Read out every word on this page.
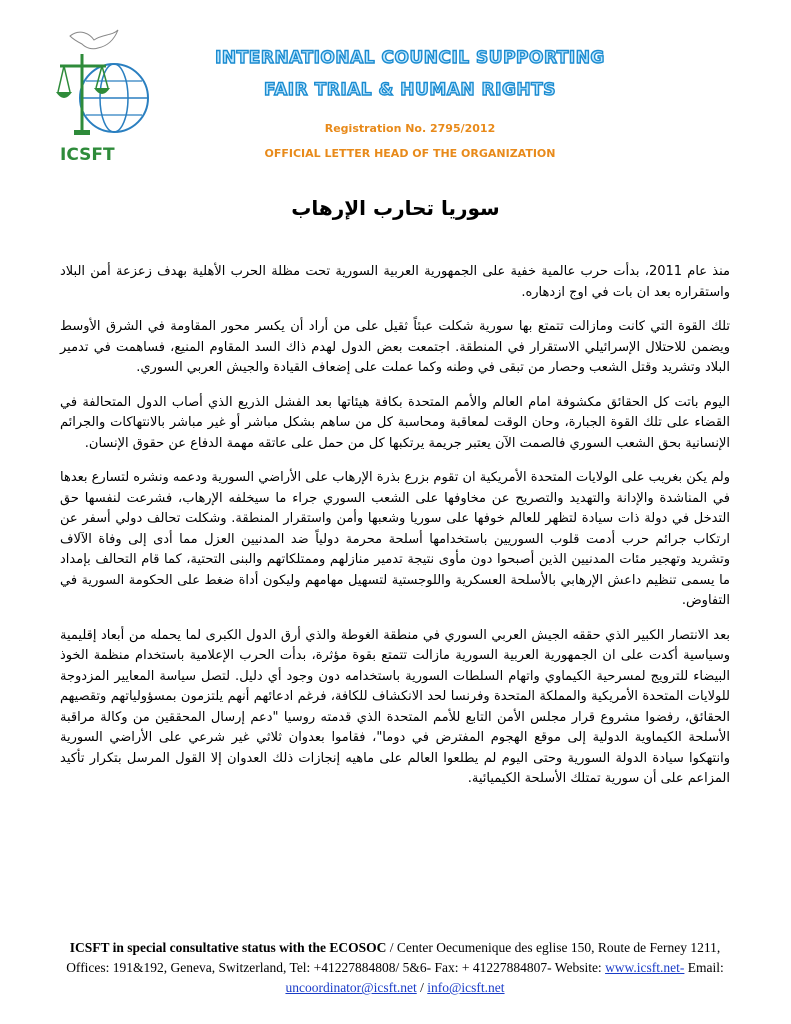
ICSFT
INTERNATIONAL COUNCIL SUPPORTING
FAIR TRIAL & HUMAN RIGHTS
Registration No. 2795/2012
OFFICIAL LETTER HEAD OF THE ORGANIZATION
سوريا تحارب الإرهاب

منذ عام 2011، بدأت حرب عالمية خفية على الجمهورية العربية السورية تحت مظلة الحرب الأهلية بهدف زعزعة أمن البلاد واستقراره بعد ان بات في اوج ازدهاره.

تلك القوة التي كانت ومازالت تتمتع بها سورية شكلت عبئاً ثقيل على من أراد أن يكسر محور المقاومة في الشرق الأوسط ويضمن للاحتلال الإسرائيلي الاستقرار في المنطقة. اجتمعت بعض الدول لهدم ذاك السد المقاوم المنيع، فساهمت في تدمير البلاد وتشريد وقتل الشعب وحصار من تبقى في وطنه وكما عملت على إضعاف القيادة والجيش العربي السوري.

اليوم باتت كل الحقائق مكشوفة امام العالم والأمم المتحدة بكافة هيئاتها بعد الفشل الذريع الذي أصاب الدول المتحالفة في القضاء على تلك القوة الجبارة، وحان الوقت لمعاقبة ومحاسبة كل من ساهم بشكل مباشر أو غير مباشر بالانتهاكات والجرائم الإنسانية بحق الشعب السوري فالصمت الآن يعتبر جريمة يرتكبها كل من حمل على عاتقه مهمة الدفاع عن حقوق الإنسان.

ولم يكن بغريب على الولايات المتحدة الأمريكية ان تقوم بزرع بذرة الإرهاب على الأراضي السورية ودعمه ونشره لتسارع بعدها في المناشدة والإدانة والتهديد والتصريح عن مخاوفها على الشعب السوري جراء ما سيخلفه الإرهاب، فشرعت لنفسها حق التدخل في دولة ذات سيادة لتظهر للعالم خوفها على سوريا وشعبها وأمن واستقرار المنطقة. وشكلت تحالف دولي أسفر عن ارتكاب جرائم حرب أدمت قلوب السوريين باستخدامها أسلحة محرمة دولياً ضد المدنيين العزل مما أدى إلى وفاة الآلاف وتشريد وتهجير مئات المدنيين الذين أصبحوا دون مأوى نتيجة تدمير منازلهم وممتلكاتهم والبنى التحتية، كما قام التحالف بإمداد ما يسمى تنظيم داعش الإرهابي بالأسلحة العسكرية واللوجستية لتسهيل مهامهم وليكون أداة ضغط على الحكومة السورية في التفاوض.

بعد الانتصار الكبير الذي حققه الجيش العربي السوري في منطقة الغوطة والذي أرق الدول الكبرى لما يحمله من أبعاد إقليمية وسياسية أكدت على ان الجمهورية العربية السورية مازالت تتمتع بقوة مؤثرة، بدأت الحرب الإعلامية باستخدام منظمة الخوذ البيضاء للترويج لمسرحية الكيماوي واتهام السلطات السورية باستخدامه دون وجود أي دليل. لتصل سياسة المعايير المزدوجة للولايات المتحدة الأمريكية والمملكة المتحدة وفرنسا لحد الانكشاف للكافة، فرغم ادعائهم أنهم يلتزمون بمسؤولياتهم وتقصيهم الحقائق، رفضوا مشروع قرار مجلس الأمن التابع للأمم المتحدة الذي قدمته روسيا "دعم إرسال المحققين من وكالة مراقبة الأسلحة الكيماوية الدولية إلى موقع الهجوم المفترض في دوما"، فقاموا بعدوان ثلاثي غير شرعي على الأراضي السورية وانتهكوا سيادة الدولة السورية وحتى اليوم لم يطلعوا العالم على ماهيه إنجازات ذلك العدوان إلا القول المرسل بتكرار تأكيد المزاعم على أن سورية تمتلك الأسلحة الكيميائية.

ICSFT in special consultative status with the ECOSOC / Center Oecumenique des eglise 150, Route de Ferney 1211, Offices: 191&192, Geneva, Switzerland, Tel: +41227884808/ 5&6- Fax: + 41227884807- Website: www.icsft.net- Email: uncoordinator@icsft.net / info@icsft.net
